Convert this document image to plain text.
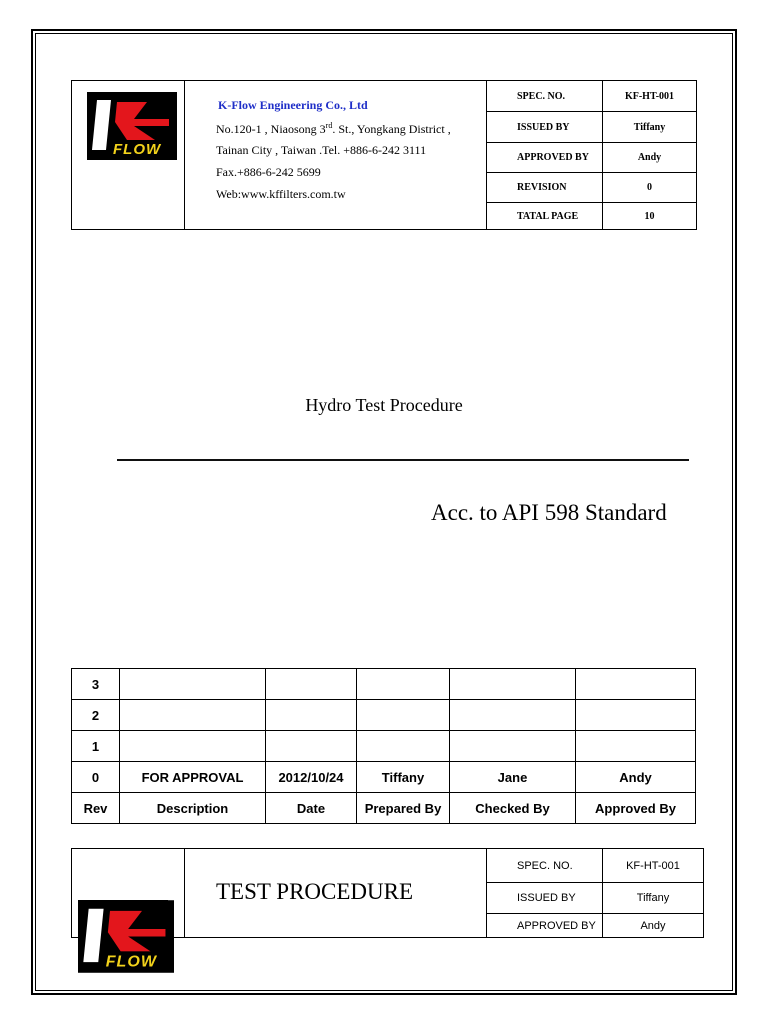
FLOW
K-Flow Engineering Co., Ltd
No.120-1 , Niaosong 3rd. St., Yongkang District ,
Tainan City , Taiwan .Tel. +886-6-242 3111
Fax.+886-6-242 5699
Web:www.kffilters.com.tw
SPEC. NO.	KF-HT-001
ISSUED BY	Tiffany
APPROVED BY	Andy
REVISION	0
TATAL PAGE	10
Hydro Test Procedure
Acc. to API 598 Standard
3					
2					
1					
0	FOR APPROVAL	2012/10/24	Tiffany	Jane	Andy
Rev	Description	Date	Prepared By	Checked By	Approved By
TEST PROCEDURE
SPEC. NO.	KF-HT-001
ISSUED BY	Tiffany
APPROVED BY	Andy
FLOW
